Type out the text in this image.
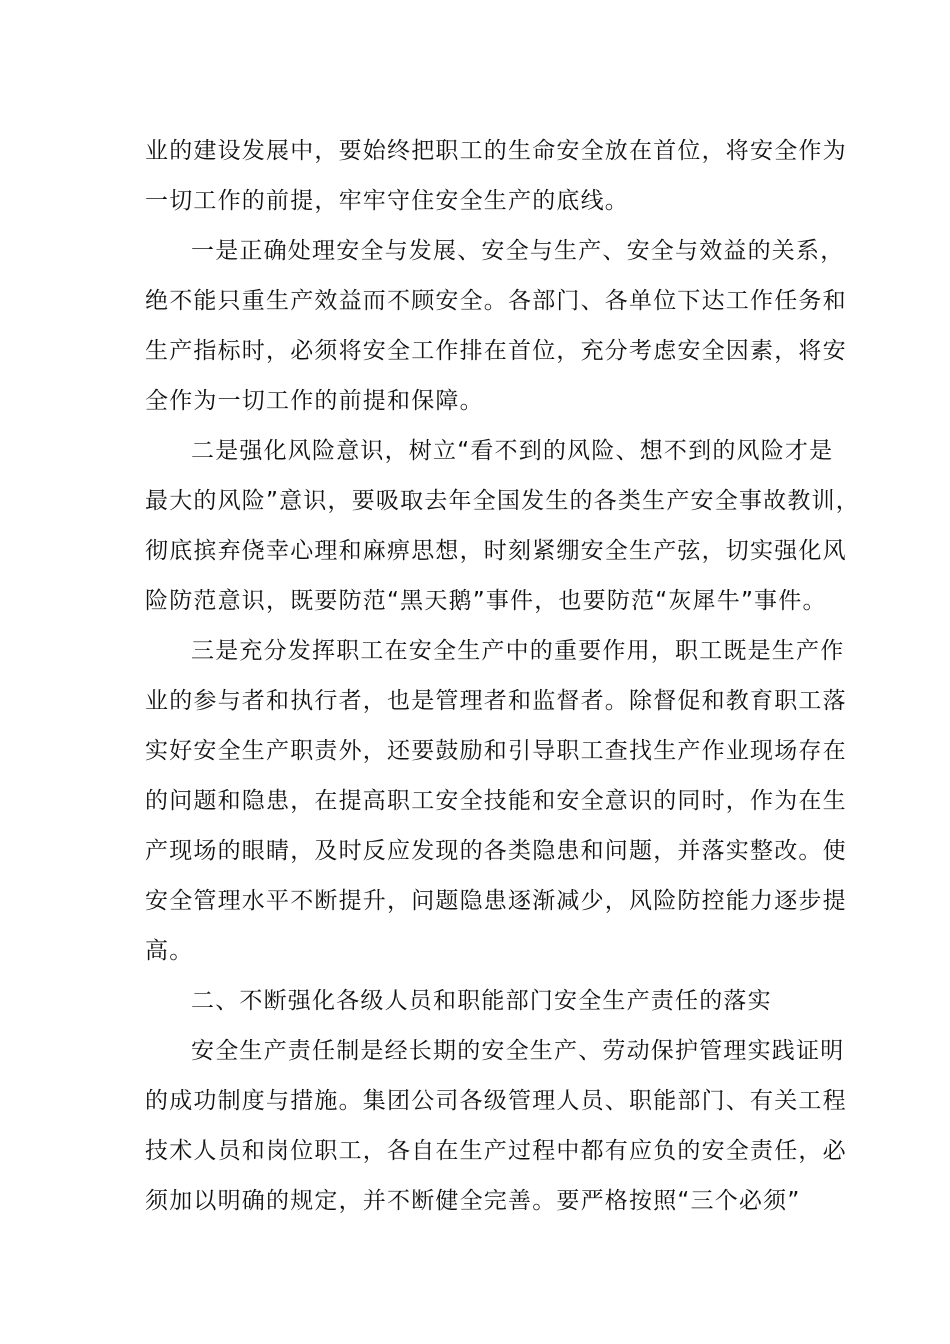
业的建设发展中，要始终把职工的生命安全放在首位，将安全作为
一切工作的前提，牢牢守住安全生产的底线。
一是正确处理安全与发展、安全与生产、安全与效益的关系，
绝不能只重生产效益而不顾安全。各部门、各单位下达工作任务和
生产指标时，必须将安全工作排在首位，充分考虑安全因素，将安
全作为一切工作的前提和保障。
二是强化风险意识，树立“看不到的风险、想不到的风险才是
最大的风险”意识，要吸取去年全国发生的各类生产安全事故教训，
彻底摈弃侥幸心理和麻痹思想，时刻紧绷安全生产弦，切实强化风
险防范意识，既要防范“黑天鹅”事件，也要防范“灰犀牛”事件。
三是充分发挥职工在安全生产中的重要作用，职工既是生产作
业的参与者和执行者，也是管理者和监督者。除督促和教育职工落
实好安全生产职责外，还要鼓励和引导职工查找生产作业现场存在
的问题和隐患，在提高职工安全技能和安全意识的同时，作为在生
产现场的眼睛，及时反应发现的各类隐患和问题，并落实整改。使
安全管理水平不断提升，问题隐患逐渐减少，风险防控能力逐步提
高。
二、不断强化各级人员和职能部门安全生产责任的落实
安全生产责任制是经长期的安全生产、劳动保护管理实践证明
的成功制度与措施。集团公司各级管理人员、职能部门、有关工程
技术人员和岗位职工，各自在生产过程中都有应负的安全责任，必
须加以明确的规定，并不断健全完善。要严格按照“三个必须”
